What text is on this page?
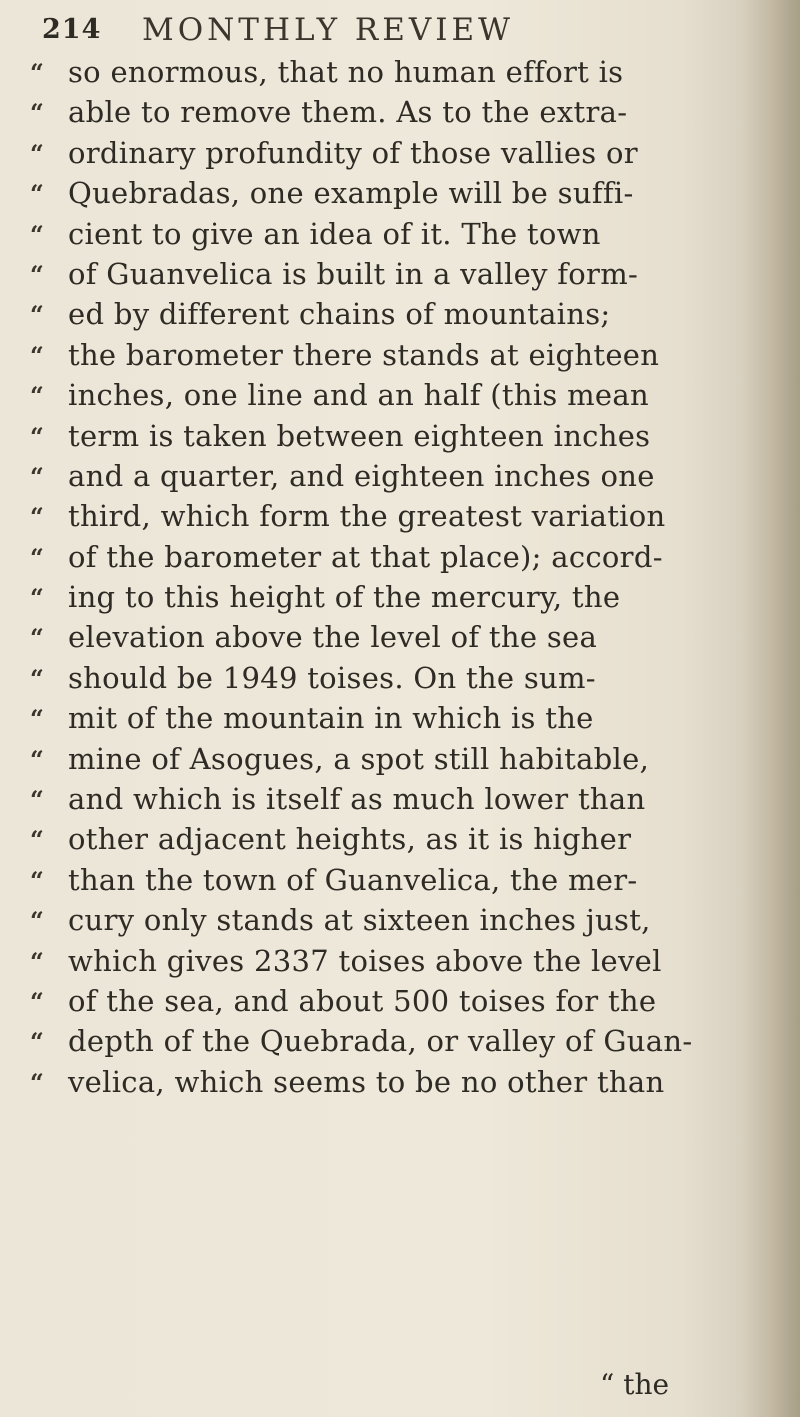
214 MONTHLY REVIEW
“ so enormous, that no human effort is
“ able to remove them. As to the extra-
“ ordinary profundity of those vallies or
“ Quebradas, one example will be suffi-
“ cient to give an idea of it. The town
“ of Guanvelica is built in a valley form-
“ ed by different chains of mountains;
“ the barometer there stands at eighteen
“ inches, one line and an half (this mean
“ term is taken between eighteen inches
“ and a quarter, and eighteen inches one
“ third, which form the greatest variation
“ of the barometer at that place); accord-
“ ing to this height of the mercury, the
“ elevation above the level of the sea
“ should be 1949 toises. On the sum-
“ mit of the mountain in which is the
“ mine of Asogues, a spot still habitable,
“ and which is itself as much lower than
“ other adjacent heights, as it is higher
“ than the town of Guanvelica, the mer-
“ cury only stands at sixteen inches just,
“ which gives 2337 toises above the level
“ of the sea, and about 500 toises for the
“ depth of the Quebrada, or valley of Guan-
“ velica, which seems to be no other than
“ the
